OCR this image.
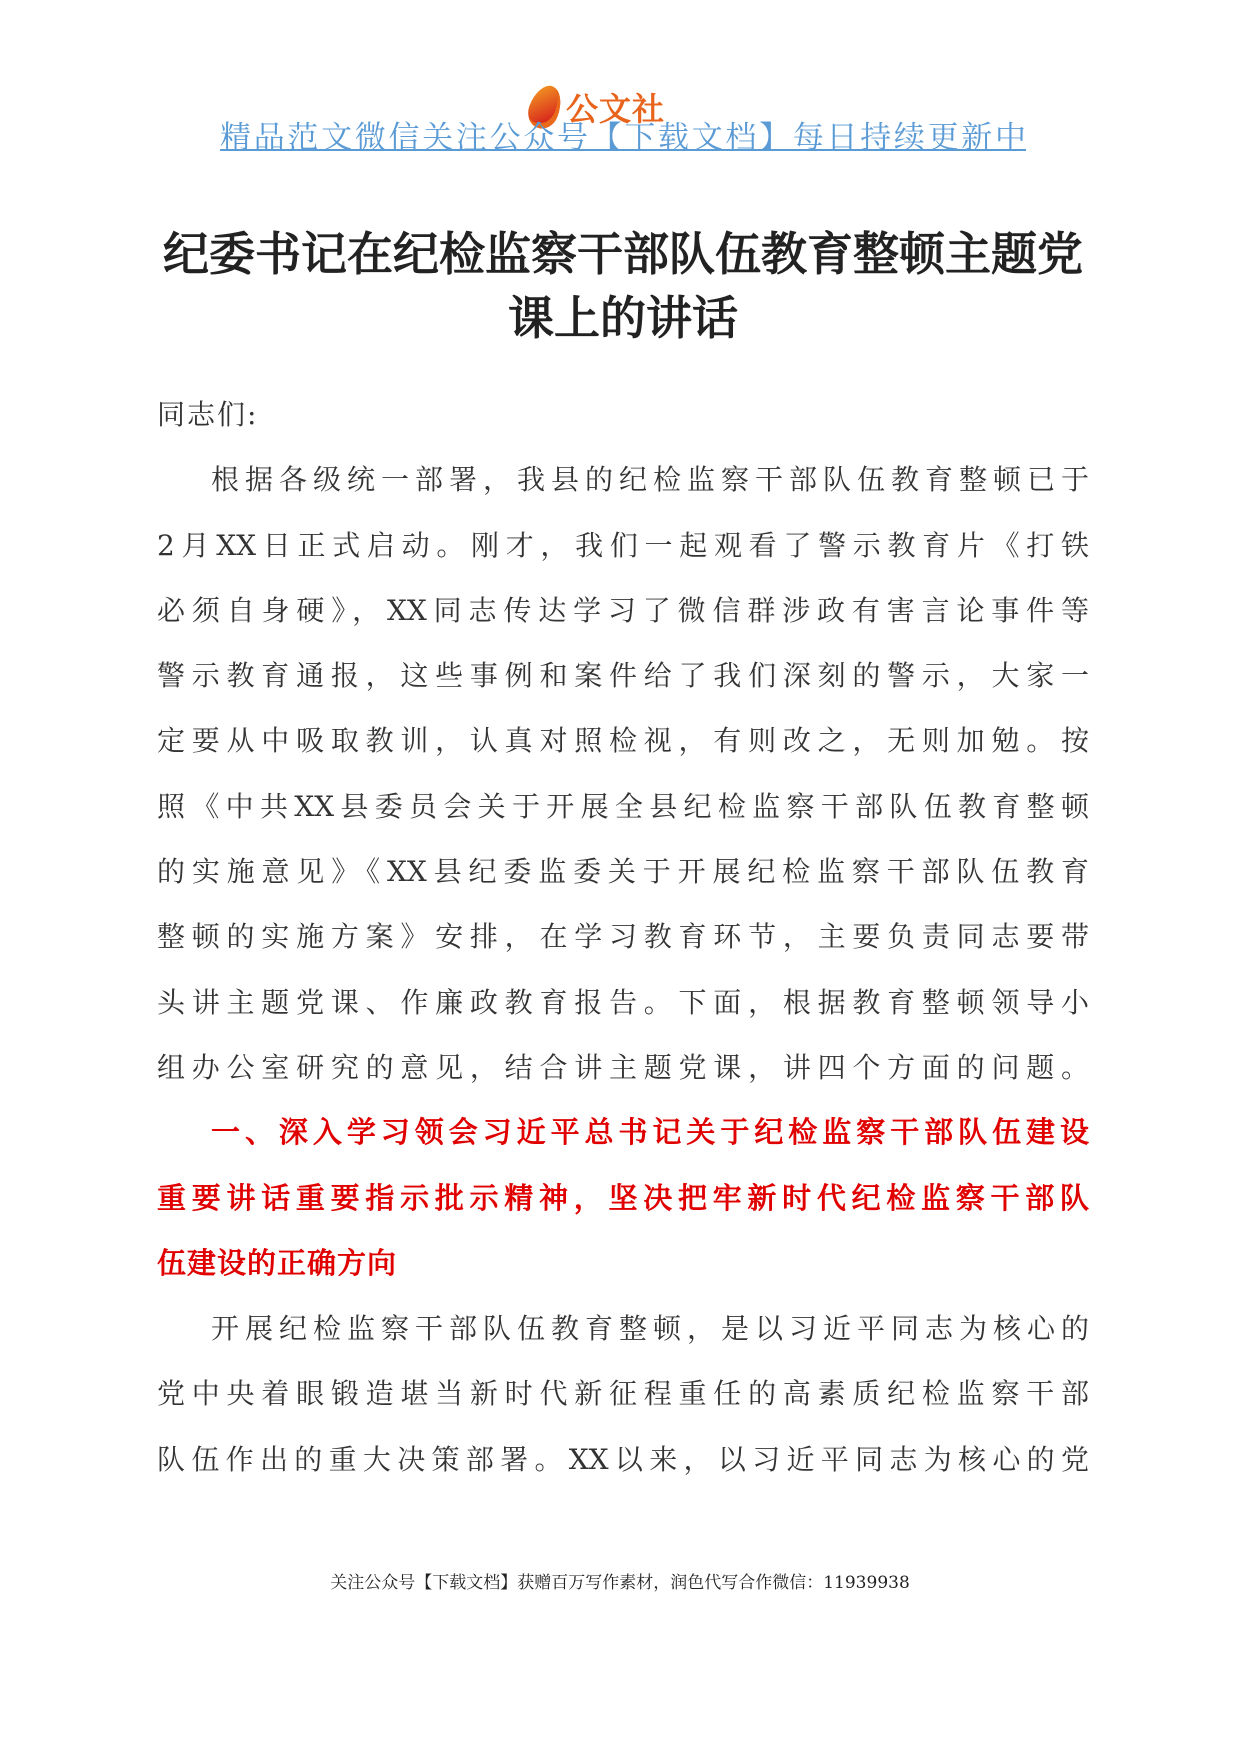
公文社
精品范文微信关注公众号【下载文档】每日持续更新中
纪委书记在纪检监察干部队伍教育整顿主题党
课上的讲话
同志们:
根据各级统一部署，我县的纪检监察干部队伍教育整顿已于
2月XX日正式启动。刚才，我们一起观看了警示教育片《打铁
必须自身硬》，XX同志传达学习了微信群涉政有害言论事件等
警示教育通报，这些事例和案件给了我们深刻的警示，大家一
定要从中吸取教训，认真对照检视，有则改之，无则加勉。按
照《中共XX县委员会关于开展全县纪检监察干部队伍教育整顿
的实施意见》《XX县纪委监委关于开展纪检监察干部队伍教育
整顿的实施方案》安排，在学习教育环节，主要负责同志要带
头讲主题党课、作廉政教育报告。下面，根据教育整顿领导小
组办公室研究的意见，结合讲主题党课，讲四个方面的问题。
一、深入学习领会习近平总书记关于纪检监察干部队伍建设
重要讲话重要指示批示精神，坚决把牢新时代纪检监察干部队
伍建设的正确方向
开展纪检监察干部队伍教育整顿，是以习近平同志为核心的
党中央着眼锻造堪当新时代新征程重任的高素质纪检监察干部
队伍作出的重大决策部署。XX以来，以习近平同志为核心的党
关注公众号【下载文档】获赠百万写作素材，润色代写合作微信：11939938
